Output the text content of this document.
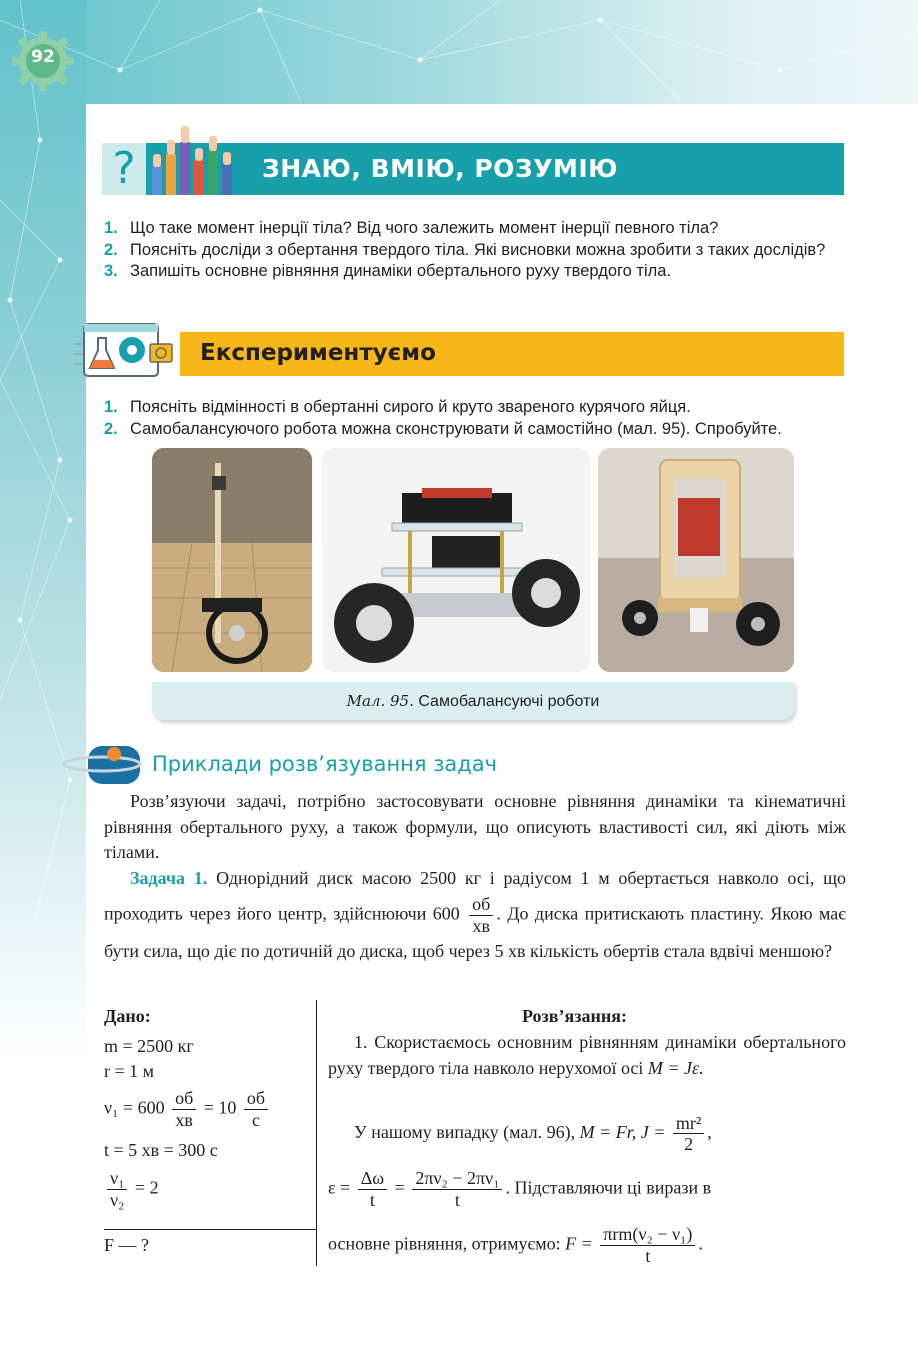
92
?	ЗНАЮ, ВМІЮ, РОЗУМІЮ
1. Що таке момент інерції тіла? Від чого залежить момент інерції певного тіла?
2. Поясніть досліди з обертання твердого тіла. Які висновки можна зробити з таких дослідів?
3. Запишіть основне рівняння динаміки обертального руху твердого тіла.
Експериментуємо
1. Поясніть відмінності в обертанні сирого й круто звареного курячого яйця.
2. Самобалансуючого робота можна сконструювати й самостійно (мал. 95). Спробуйте.
Мал. 95. Самобалансуючі роботи
Приклади розв’язування задач
Розв’язуючи задачі, потрібно застосовувати основне рівняння динаміки та кінематичні рівняння обертального руху, а також формули, що описують властивості сил, які діють між тілами.
Задача 1. Однорідний диск масою 2500 кг і радіусом 1 м обертається навколо осі, що проходить через його центр, здійснюючи $600 \frac{об}{хв}$ . До диска притискають пластину. Якою має бути сила, що діє по дотичній до диска, щоб через 5 хв кількість обертів стала вдвічі меншою?
Дано:
m = 2500 кг
r = 1 м
$\nu_1 = 600 \frac{об}{хв} = 10 \frac{об}{с}$
t = 5 хв = 300 с
$\frac{\text{ν₁}}{\text{ν₂}} = 2$
F — ?
Розв’язання:
1. Скористаємось основним рівнянням динаміки обертального руху твердого тіла навколо нерухомої осі M = Jε.
У нашому випадку (мал. 96), M = Fr, $J = \frac{\text{mr²}}{2}$ ,
$\varepsilon = \frac{\Delta\omega}{t} = \frac{\text{2πν₂ − 2πν₁}}{t}$ . Підставляючи ці вирази в
основне рівняння, отримуємо: $F = \frac{\text{πrm(ν₂ − ν₁)}}{t}$ .
